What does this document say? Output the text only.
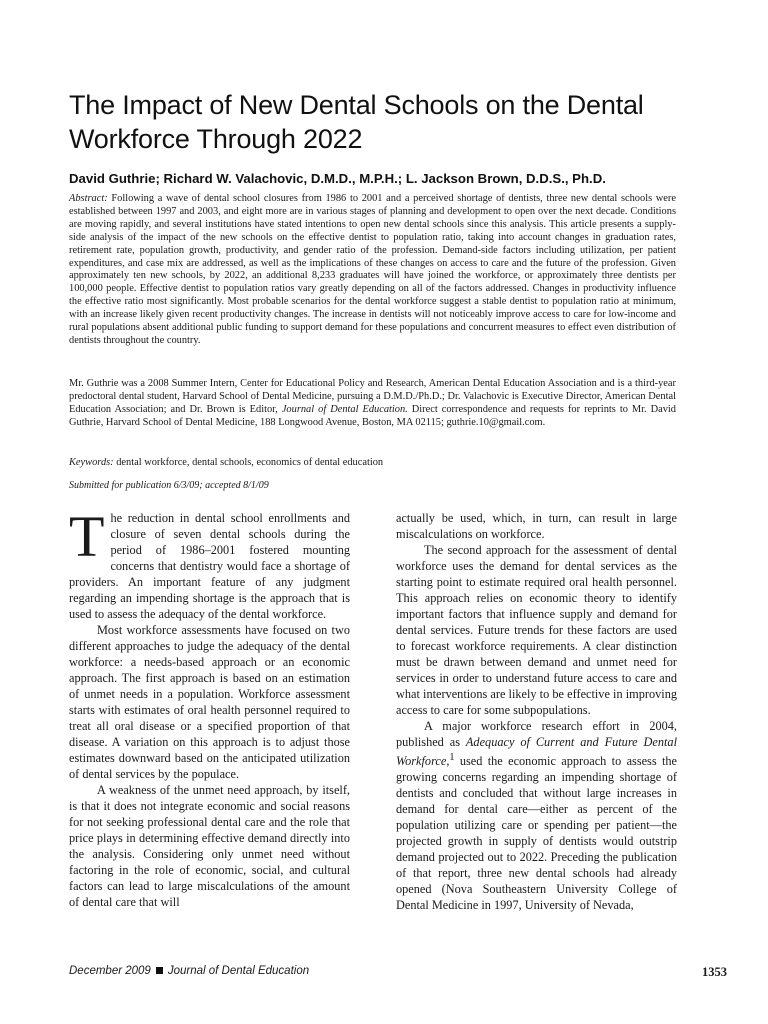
The Impact of New Dental Schools on the Dental Workforce Through 2022

David Guthrie; Richard W. Valachovic, D.M.D., M.P.H.; L. Jackson Brown, D.D.S., Ph.D.

Abstract: Following a wave of dental school closures from 1986 to 2001 and a perceived shortage of dentists, three new dental schools were established between 1997 and 2003, and eight more are in various stages of planning and development to open over the next decade. Conditions are moving rapidly, and several institutions have stated intentions to open new dental schools since this analysis. This article presents a supply-side analysis of the impact of the new schools on the effective dentist to population ratio, taking into account changes in graduation rates, retirement rate, population growth, productivity, and gender ratio of the profession. Demand-side factors including utilization, per patient expenditures, and case mix are addressed, as well as the implications of these changes on access to care and the future of the profession. Given approximately ten new schools, by 2022, an additional 8,233 graduates will have joined the workforce, or approximately three dentists per 100,000 people. Effective dentist to population ratios vary greatly depending on all of the factors addressed. Changes in productivity influence the effective ratio most significantly. Most probable scenarios for the dental workforce suggest a stable dentist to population ratio at minimum, with an increase likely given recent productivity changes. The increase in dentists will not noticeably improve access to care for low-income and rural populations absent additional public funding to support demand for these populations and concurrent measures to effect even distribution of dentists throughout the country.

Mr. Guthrie was a 2008 Summer Intern, Center for Educational Policy and Research, American Dental Education Association and is a third-year predoctoral dental student, Harvard School of Dental Medicine, pursuing a D.M.D./Ph.D.; Dr. Valachovic is Executive Director, American Dental Education Association; and Dr. Brown is Editor, Journal of Dental Education. Direct correspondence and requests for reprints to Mr. David Guthrie, Harvard School of Dental Medicine, 188 Longwood Avenue, Boston, MA 02115; guthrie.10@gmail.com.

Keywords: dental workforce, dental schools, economics of dental education

Submitted for publication 6/3/09; accepted 8/1/09

The reduction in dental school enrollments and closure of seven dental schools during the period of 1986–2001 fostered mounting concerns that dentistry would face a shortage of providers. An important feature of any judgment regarding an impending shortage is the approach that is used to assess the adequacy of the dental workforce.

Most workforce assessments have focused on two different approaches to judge the adequacy of the dental workforce: a needs-based approach or an economic approach. The first approach is based on an estimation of unmet needs in a population. Workforce assessment starts with estimates of oral health personnel required to treat all oral disease or a specified proportion of that disease. A variation on this approach is to adjust those estimates downward based on the anticipated utilization of dental services by the populace.

A weakness of the unmet need approach, by itself, is that it does not integrate economic and social reasons for not seeking professional dental care and the role that price plays in determining effective demand directly into the analysis. Considering only unmet need without factoring in the role of economic, social, and cultural factors can lead to large miscalculations of the amount of dental care that will

actually be used, which, in turn, can result in large miscalculations on workforce.

The second approach for the assessment of dental workforce uses the demand for dental services as the starting point to estimate required oral health personnel. This approach relies on economic theory to identify important factors that influence supply and demand for dental services. Future trends for these factors are used to forecast workforce requirements. A clear distinction must be drawn between demand and unmet need for services in order to understand future access to care and what interventions are likely to be effective in improving access to care for some subpopulations.

A major workforce research effort in 2004, published as Adequacy of Current and Future Dental Workforce,$^1$ used the economic approach to assess the growing concerns regarding an impending shortage of dentists and concluded that without large increases in demand for dental care—either as percent of the population utilizing care or spending per patient—the projected growth in supply of dentists would outstrip demand projected out to 2022. Preceding the publication of that report, three new dental schools had already opened (Nova Southeastern University College of Dental Medicine in 1997, University of Nevada,

December 2009 Journal of Dental Education	1353
